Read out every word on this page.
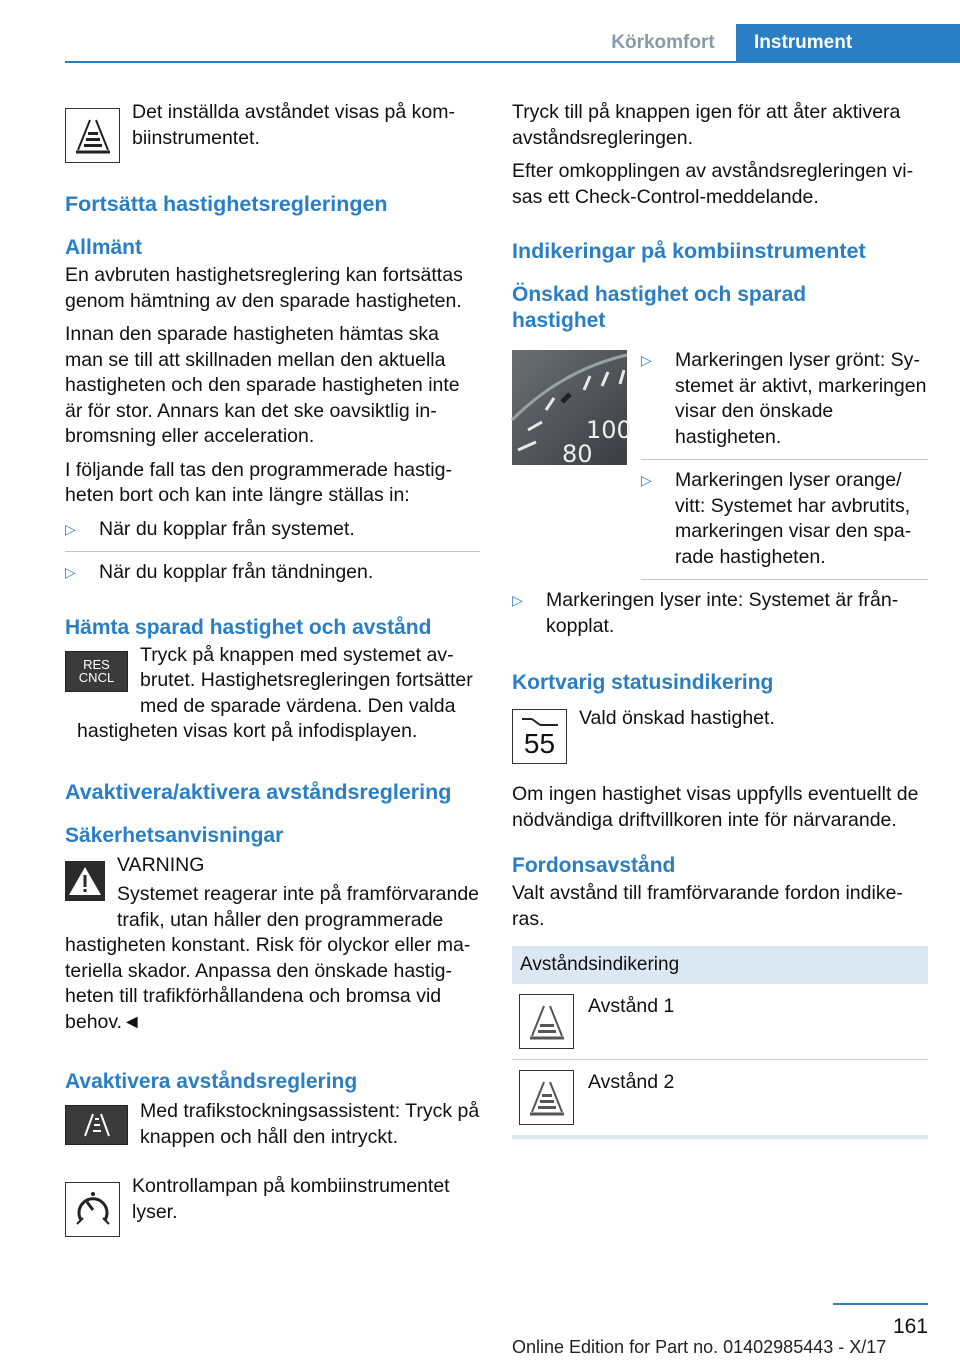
Körkomfort	Instrument

Det inställda avståndet visas på kombiinstrumentet.

Fortsätta hastighetsregleringen
Allmänt

En avbruten hastighetsreglering kan fortsättas genom hämtning av den sparade hastigheten.

Innan den sparade hastigheten hämtas ska man se till att skillnaden mellan den aktuella hastigheten och den sparade hastigheten inte är för stor. Annars kan det ske oavsiktlig inbromsning eller acceleration.

I följande fall tas den programmerade hastigheten bort och kan inte längre ställas in:

▷ När du kopplar från systemet.
▷ När du kopplar från tändningen.
Hämta sparad hastighet och avstånd
RES
CNCL

Tryck på knappen med systemet avbrutet. Hastighetsregleringen fortsätter med de sparade värdena. Den valda hastigheten visas kort på infodisplayen.

Avaktivera/aktivera avståndsreglering
Säkerhetsanvisningar

VARNING

Systemet reagerar inte på framförvarande trafik, utan håller den programmerade hastigheten konstant. Risk för olyckor eller materiella skador. Anpassa den önskade hastigheten till trafikförhållandena och bromsa vid behov.◄

Avaktivera avståndsreglering

Med trafikstockningsassistent: Tryck på knappen och håll den intryckt.

Kontrollampan på kombiinstrumentet lyser.

Tryck till på knappen igen för att åter aktivera avståndsregleringen.

Efter omkopplingen av avståndsregleringen visas ett Check-Control-meddelande.

Indikeringar på kombiinstrumentet
Önskad hastighet och sparad hastighet
100
80
▷ Markeringen lyser grönt: Systemet är aktivt, markeringen visar den önskade hastigheten.
▷ Markeringen lyser orange/ vitt: Systemet har avbrutits, markeringen visar den sparade hastigheten.
▷ Markeringen lyser inte: Systemet är frånkopplat.
Kortvarig statusindikering
55

Vald önskad hastighet.

Om ingen hastighet visas uppfylls eventuellt de nödvändiga driftvillkoren inte för närvarande.

Fordonsavstånd

Valt avstånd till framförvarande fordon indikeras.

Avståndsindikering
Avstånd 1
Avstånd 2
161
Online Edition for Part no. 01402985443 - X/17
